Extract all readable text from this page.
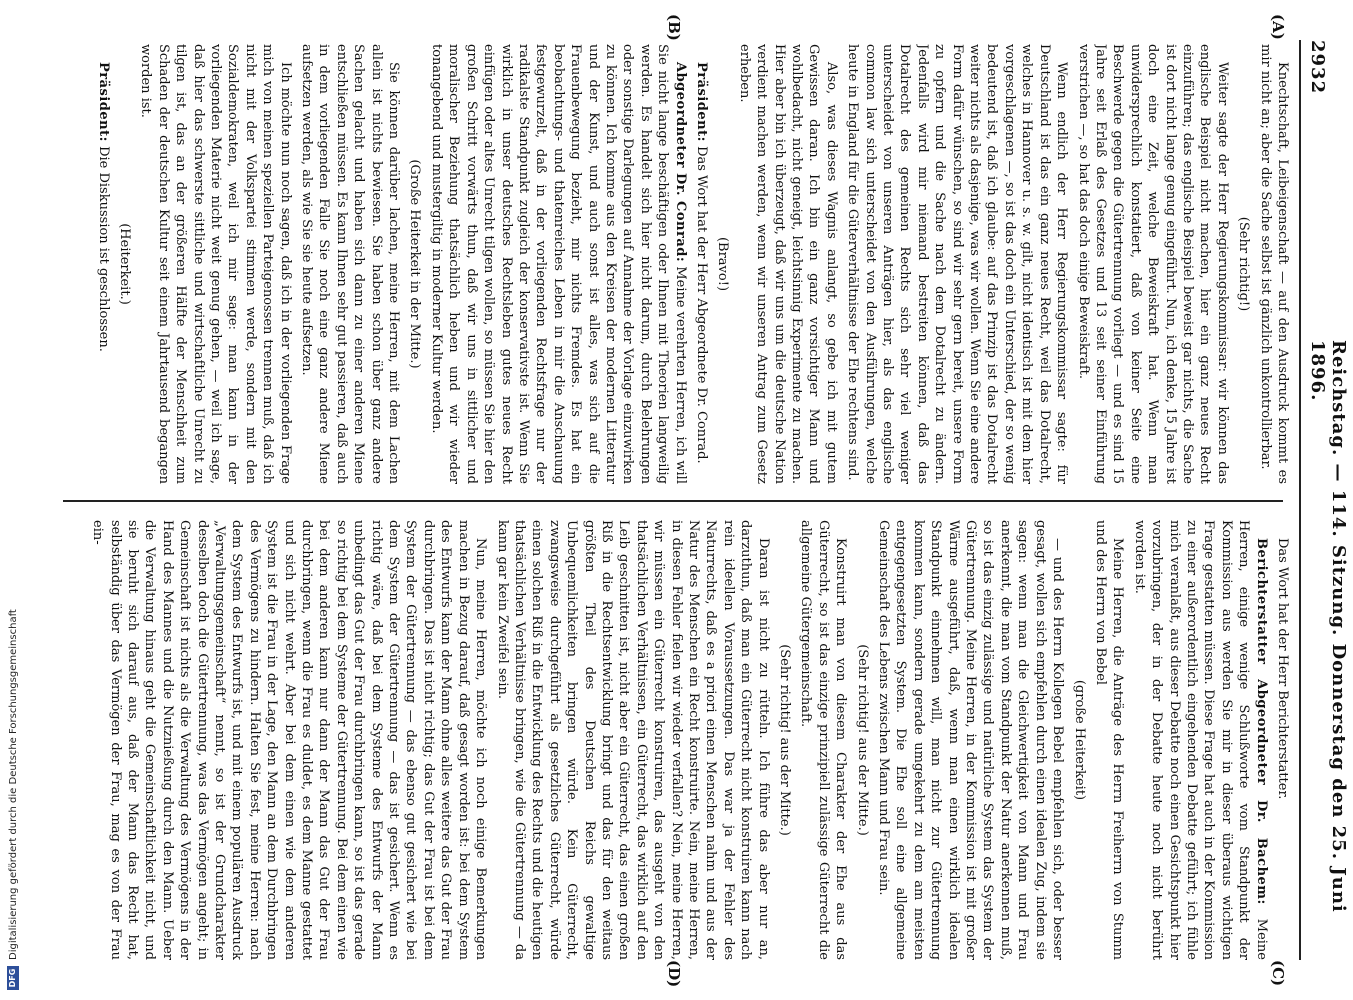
2932
Reichstag. — 114. Sitzung. Donnerstag den 25. Juni 1896.
(A)
(B)
(C)
(D)

Knechtschaft, Leibeigenschaft — auf den Ausdruck kommt es mir nicht an; aber die Sache selbst ist gänzlich unkontrollierbar.

(Sehr richtig!)

Weiter sagte der Herr Regierungskommissar: wir können das englische Beispiel nicht machen, hier ein ganz neues Recht einzuführen; das englische Beispiel beweist gar nichts, die Sache ist dort nicht lange genug eingeführt. Nun, ich denke, 15 Jahre ist doch eine Zeit, welche Beweiskraft hat. Wenn man unwidersprechlich konstatiert, daß von keiner Seite eine Beschwerde gegen die Gütertrennung vorliegt — und es sind 15 Jahre seit Erlaß des Gesetzes und 13 seit seiner Einführung verstrichen —, so hat das doch einige Beweiskraft.

Wenn endlich der Herr Regierungskommissar sagte: für Deutschland ist das ein ganz neues Recht, weil das Dotalrecht, welches in Hannover u. s. w. gilt, nicht identisch ist mit dem hier vorgeschlagenen —, so ist das doch ein Unterschied, der so wenig bedeutend ist, daß ich glaube: auf das Prinzip ist das Dotalrecht weiter nichts als dasjenige, was wir wollen. Wenn Sie eine andere Form dafür wünschen, so sind wir sehr gern bereit, unsere Form zu opfern und die Sache nach dem Dotalrecht zu ändern. Jedenfalls wird mir niemand bestreiten können, daß das Dotalrecht des gemeinen Rechts sich sehr viel weniger unterscheidet von unseren Anträgen hier, als das englische common law sich unterscheidet von den Ausführungen, welche heute in England für die Güterverhältnisse der Ehe rechtens sind.

Also, was dieses Wagnis anlangt, so gebe ich mit gutem Gewissen daran. Ich bin ein ganz vorsichtiger Mann und wohlbedacht, nicht geneigt, leichtsinnig Experimente zu machen. Hier aber bin ich überzeugt, daß wir uns um die deutsche Nation verdient machen werden, wenn wir unseren Antrag zum Gesetz erheben.

(Bravo!)

Präsident: Das Wort hat der Herr Abgeordnete Dr. Conrad.

Abgeordneter Dr. Conrad: Meine verehrten Herren, ich will Sie nicht lange beschäftigen oder Ihnen mit Theorien langweilig werden. Es handelt sich hier nicht darum, durch Belehrungen oder sonstige Darlegungen auf Annahme der Vorlage einzuwirken zu können. Ich komme aus den Kreisen der modernen Litteratur und der Kunst, und auch sonst ist alles, was sich auf die Frauenbewegung bezieht, mir nichts Fremdes. Es hat ein beobachtungs- und thatenreiches Leben in mir die Anschauung festgewurzelt, daß in der vorliegenden Rechtsfrage nur der radikalste Standpunkt zugleich der konservativste ist. Wenn Sie wirklich in unser deutsches Rechtsleben gutes neues Recht einfügen oder altes Unrecht tilgen wollen, so müssen Sie hier den großen Schritt vorwärts thun, daß wir uns in sittlicher und moralischer Beziehung thatsächlich heben und wir wieder tonangebend und mustergiltig in moderner Kultur werden.

(Große Heiterkeit in der Mitte.)

Sie können darüber lachen, meine Herren, mit dem Lachen allein ist nichts bewiesen. Sie haben schon über ganz andere Sachen gelacht und haben sich dann zu einer anderen Miene entschließen müssen. Es kann Ihnen sehr gut passieren, daß auch in dem vorliegenden Falle Sie noch eine ganz andere Miene aufsetzen werden, als wie Sie sie heute aufsetzen.

Ich möchte nun noch sagen, daß ich in der vorliegenden Frage mich von meinen speziellen Parteigenossen trennen muß, daß ich nicht mit der Volkspartei stimmen werde, sondern mit den Sozialdemokraten, weil ich mir sage: man kann in der vorliegenden Materie nicht weit genug gehen, — weil ich sage, daß hier das schwerste sittliche und wirtschaftliche Unrecht zu tilgen ist, das an der größeren Hälfte der Menschheit zum Schaden der deutschen Kultur seit einem Jahrtausend begangen worden ist.

(Heiterkeit.)

Präsident: Die Diskussion ist geschlossen.

Das Wort hat der Herr Berichterstatter.

Berichterstatter Abgeordneter Dr. Bachem: Meine Herren, einige wenige Schlußworte vom Standpunkt der Kommission aus werden Sie mir in dieser überaus wichtigen Frage gestatten müssen. Diese Frage hat auch in der Kommission zu einer außerordentlich eingehenden Debatte geführt; ich fühle mich veranlaßt, aus dieser Debatte noch einen Gesichtspunkt hier vorzubringen, der in der Debatte heute noch nicht berührt worden ist.

Meine Herren, die Anträge des Herrn Freiherrn von Stumm und des Herrn von Bebel

(große Heiterkeit)

— und des Herrn Kollegen Bebel empfehlen sich, oder besser gesagt, wollen sich empfehlen durch einen idealen Zug, indem sie sagen: wenn man die Gleichwertigkeit von Mann und Frau anerkennt, die man vom Standpunkt der Natur anerkennen muß, so ist das einzig zulässige und natürliche System das System der Gütertrennung. Meine Herren, in der Kommission ist mit großer Wärme ausgeführt, daß, wenn man einen wirklich idealen Standpunkt einnehmen will, man nicht zur Gütertrennung kommen kann, sondern gerade umgekehrt zu dem am meisten entgegengesetzten System. Die Ehe soll eine allgemeine Gemeinschaft des Lebens zwischen Mann und Frau sein.

(Sehr richtig! aus der Mitte.)

Konstruirt man von diesem Charakter der Ehe aus das Güterrecht, so ist das einzige prinzipiell zulässige Güterrecht die allgemeine Gütergemeinschaft.

(Sehr richtig! aus der Mitte.)

Daran ist nicht zu rütteln. Ich führe das aber nur an, darzuthun, daß man ein Güterrecht nicht konstruiren kann nach rein ideellen Voraussetzungen. Das war ja der Fehler des Naturrechts, daß es a priori einen Menschen nahm und aus der Natur des Menschen ein Recht konstruirte. Nein, meine Herren, in diesen Fehler fielen wir wieder verfallen? Nein, meine Herren, wir müssen ein Güterrecht konstruiren, das ausgeht von den thatsächlichen Verhältnissen, ein Güterrecht, das wirklich auf den Leib geschnitten ist, nicht aber ein Güterrecht, das einen großen Riß in die Rechtsentwicklung bringt und das für den weitaus größten Theil des Deutschen Reichs gewaltige Unbequemlichkeiten bringen würde. Kein Güterrecht, zwangsweise durchgeführt als gesetzliches Güterrecht, würde einen solchen Riß in die Entwicklung des Rechts und die heutigen thatsächlichen Verhältnisse bringen, wie die Gütertrennung — da kann gar kein Zweifel sein.

Nun, meine Herren, möchte ich noch einige Bemerkungen machen in Bezug darauf, daß gesagt worden ist: bei dem System des Entwurfs kann der Mann ohne alles weitere das Gut der Frau durchbringen. Das ist nicht richtig; das Gut der Frau ist bei dem System der Gütertrennung — das ebenso gut gesichert wie bei dem System der Gütertrennung — das ist gesichert. Wenn es richtig wäre, daß bei dem Systeme des Entwurfs der Mann unbedingt das Gut der Frau durchbringen kann, so ist das gerade so richtig bei dem Systeme der Gütertrennung. Bei dem einen wie bei dem anderen kann nur dann der Mann das Gut der Frau durchbringen, wenn die Frau es duldet, es dem Manne gestattet und sich nicht wehrt. Aber bei dem einen wie dem anderen System ist die Frau in der Lage, den Mann an dem Durchbringen des Vermögens zu hindern. Halten Sie fest, meine Herren: nach dem System des Entwurfs ist, und mit einem populären Ausdruck „Verwaltungsgemeinschaft“ nennt, so ist der Grundcharakter desselben doch die Gütertrennung, was das Vermögen angeht; in Gemeinschaft ist nichts als die Verwaltung des Vermögens in der Hand des Mannes und die Nutznießung durch den Mann. Ueber die Verwaltung hinaus geht die Gemeinschaftlichkeit nicht, und sie beruht sich darauf aus, daß der Mann das Recht hat, selbständig über das Vermögen der Frau, mag es von der Frau ein-

DFG
Digitalisierung gefördert durch die Deutsche Forschungsgemeinschaft
